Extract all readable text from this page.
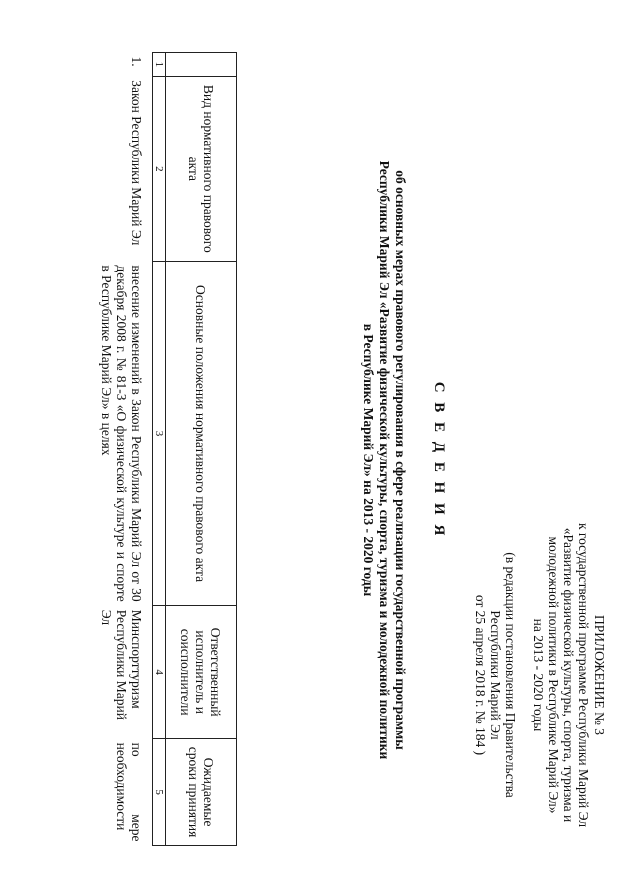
ПРИЛОЖЕНИЕ № 3
к государственной программе Республики Марий Эл
«Развитие физической культуры, спорта, туризма и
молодежной политики в Республике Марий Эл»
на 2013 - 2020 годы
(в редакции постановления Правительства
Республики Марий Эл
от 25 апреля 2018 г. № 184 )
С В Е Д Е Н И Я
об основных мерах правового регулирования в сфере реализации государственной программы
Республики Марий Эл «Развитие физической культуры, спорта, туризма и молодежной политики
в Республике Марий Эл» на 2013 - 2020 годы
	Вид нормативного правового акта	Основные положения нормативного правового акта	Ответственный исполнитель и соисполнители	Ожидаемые сроки принятия
1	2	3	4	5
1.	Закон Республики Марий Эл	внесение изменений в Закон Республики Марий Эл от 30 декабря 2008 г. № 81-З «О физической культуре и спорте в Республике Марий Эл» в целях	Минспорттуризм Республики Марий Эл	по
мере
необходимости
